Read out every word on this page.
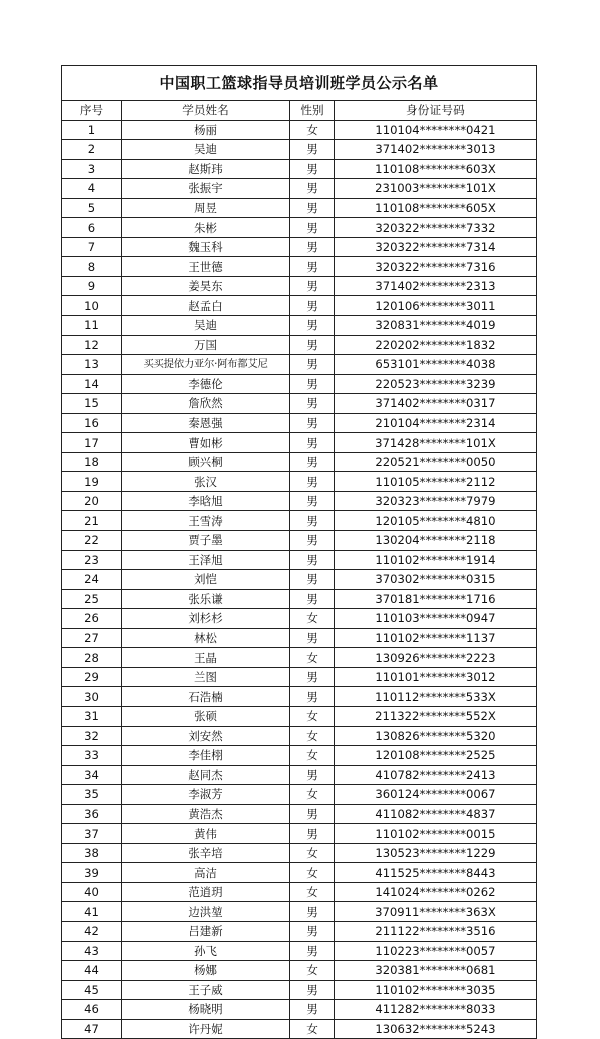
中国职工篮球指导员培训班学员公示名单
序号	学员姓名	性别	身份证号码
1	杨丽	女	110104********0421
2	吴迪	男	371402********3013
3	赵斯玮	男	110108********603X
4	张振宇	男	231003********101X
5	周昱	男	110108********605X
6	朱彬	男	320322********7332
7	魏玉科	男	320322********7314
8	王世德	男	320322********7316
9	姜昊东	男	371402********2313
10	赵孟白	男	120106********3011
11	吴迪	男	320831********4019
12	万国	男	220202********1832
13	买买提依力亚尔·阿布都艾尼	男	653101********4038
14	李德伦	男	220523********3239
15	詹欣然	男	371402********0317
16	秦恩强	男	210104********2314
17	曹如彬	男	371428********101X
18	顾兴桐	男	220521********0050
19	张汉	男	110105********2112
20	李晗旭	男	320323********7979
21	王雪涛	男	120105********4810
22	贾子墨	男	130204********2118
23	王泽旭	男	110102********1914
24	刘恺	男	370302********0315
25	张乐谦	男	370181********1716
26	刘杉杉	女	110103********0947
27	林松	男	110102********1137
28	王晶	女	130926********2223
29	兰图	男	110101********3012
30	石浩楠	男	110112********533X
31	张硕	女	211322********552X
32	刘安然	女	130826********5320
33	李佳栩	女	120108********2525
34	赵同杰	男	410782********2413
35	李淑芳	女	360124********0067
36	黄浩杰	男	411082********4837
37	黄伟	男	110102********0015
38	张辛培	女	130523********1229
39	高洁	女	411525********8443
40	范逍玥	女	141024********0262
41	边洪堃	男	370911********363X
42	吕建新	男	211122********3516
43	孙飞	男	110223********0057
44	杨娜	女	320381********0681
45	王子威	男	110102********3035
46	杨晓明	男	411282********8033
47	许丹妮	女	130632********5243
